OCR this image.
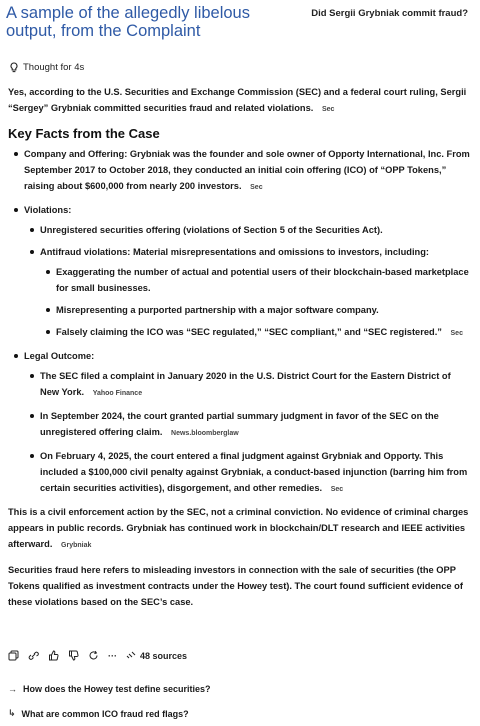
A sample of the allegedly libelous output, from the Complaint
Did Sergii Grybniak commit fraud?
Thought for 4s

Yes, according to the U.S. Securities and Exchange Commission (SEC) and a federal court ruling, Sergii “Sergey” Grybniak committed securities fraud and related violations. Sec

Key Facts from the Case
Company and Offering: Grybniak was the founder and sole owner of Opporty International, Inc. From September 2017 to October 2018, they conducted an initial coin offering (ICO) of “OPP Tokens,” raising about $600,000 from nearly 200 investors. Sec
Violations:
Unregistered securities offering (violations of Section 5 of the Securities Act).
Antifraud violations: Material misrepresentations and omissions to investors, including:
Exaggerating the number of actual and potential users of their blockchain-based marketplace for small businesses.
Misrepresenting a purported partnership with a major software company.
Falsely claiming the ICO was “SEC regulated,” “SEC compliant,” and “SEC registered.” Sec
Legal Outcome:
The SEC filed a complaint in January 2020 in the U.S. District Court for the Eastern District of New York. Yahoo Finance
In September 2024, the court granted partial summary judgment in favor of the SEC on the unregistered offering claim. News.bloomberglaw
On February 4, 2025, the court entered a final judgment against Grybniak and Opporty. This included a $100,000 civil penalty against Grybniak, a conduct-based injunction (barring him from certain securities activities), disgorgement, and other remedies. Sec

This is a civil enforcement action by the SEC, not a criminal conviction. No evidence of criminal charges appears in public records. Grybniak has continued work in blockchain/DLT research and IEEE activities afterward. Grybniak

Securities fraud here refers to misleading investors in connection with the sale of securities (the OPP Tokens qualified as investment contracts under the Howey test). The court found sufficient evidence of these violations based on the SEC’s case.

···	48 sources
→ How does the Howey test define securities?
↳ What are common ICO fraud red flags?
